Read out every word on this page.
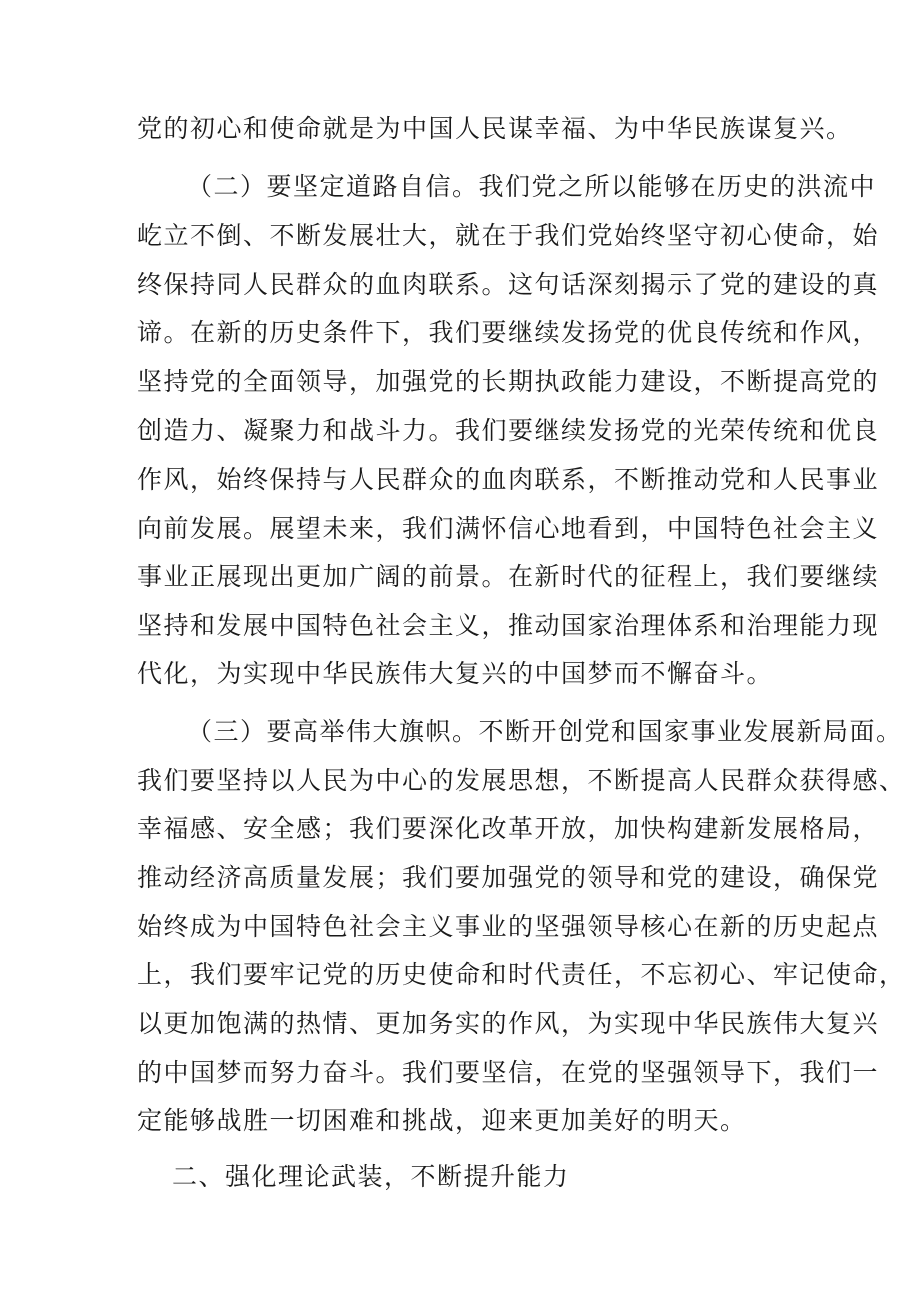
党的初心和使命就是为中国人民谋幸福、为中华民族谋复兴。
（二）要坚定道路自信。我们党之所以能够在历史的洪流中
屹立不倒、不断发展壮大，就在于我们党始终坚守初心使命，始
终保持同人民群众的血肉联系。这句话深刻揭示了党的建设的真
谛。在新的历史条件下，我们要继续发扬党的优良传统和作风，
坚持党的全面领导，加强党的长期执政能力建设，不断提高党的
创造力、凝聚力和战斗力。我们要继续发扬党的光荣传统和优良
作风，始终保持与人民群众的血肉联系，不断推动党和人民事业
向前发展。展望未来，我们满怀信心地看到，中国特色社会主义
事业正展现出更加广阔的前景。在新时代的征程上，我们要继续
坚持和发展中国特色社会主义，推动国家治理体系和治理能力现
代化，为实现中华民族伟大复兴的中国梦而不懈奋斗。
（三）要高举伟大旗帜。不断开创党和国家事业发展新局面。
我们要坚持以人民为中心的发展思想，不断提高人民群众获得感、
幸福感、安全感；我们要深化改革开放，加快构建新发展格局，
推动经济高质量发展；我们要加强党的领导和党的建设，确保党
始终成为中国特色社会主义事业的坚强领导核心在新的历史起点
上，我们要牢记党的历史使命和时代责任，不忘初心、牢记使命，
以更加饱满的热情、更加务实的作风，为实现中华民族伟大复兴
的中国梦而努力奋斗。我们要坚信，在党的坚强领导下，我们一
定能够战胜一切困难和挑战，迎来更加美好的明天。
二、强化理论武装，不断提升能力
